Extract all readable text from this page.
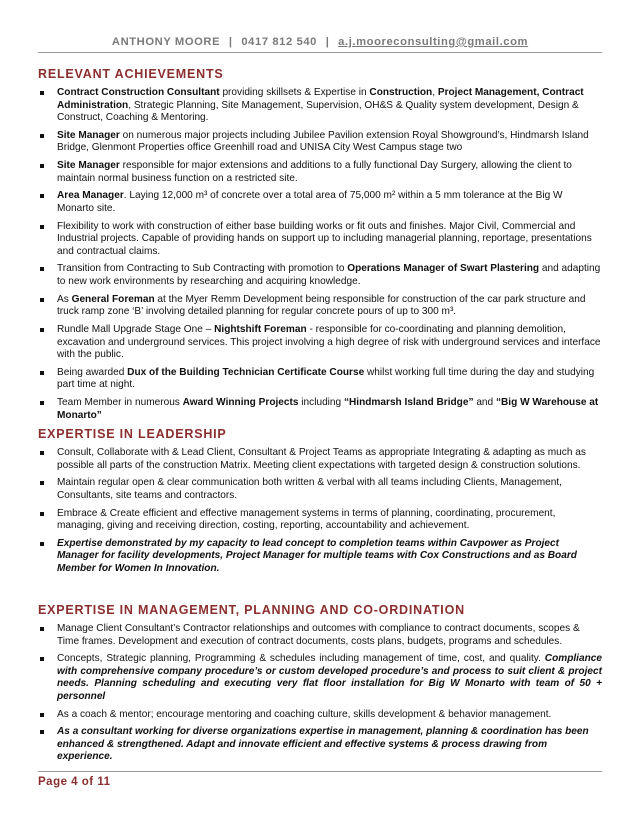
ANTHONY MOORE | 0417 812 540 | a.j.mooreconsulting@gmail.com
RELEVANT ACHIEVEMENTS
Contract Construction Consultant providing skillsets & Expertise in Construction, Project Management, Contract Administration, Strategic Planning, Site Management, Supervision, OH&S & Quality system development, Design & Construct, Coaching & Mentoring.
Site Manager on numerous major projects including Jubilee Pavilion extension Royal Showground’s, Hindmarsh Island Bridge, Glenmont Properties office Greenhill road and UNISA City West Campus stage two
Site Manager responsible for major extensions and additions to a fully functional Day Surgery, allowing the client to maintain normal business function on a restricted site.
Area Manager. Laying 12,000 m³ of concrete over a total area of 75,000 m² within a 5 mm tolerance at the Big W Monarto site.
Flexibility to work with construction of either base building works or fit outs and finishes. Major Civil, Commercial and Industrial projects. Capable of providing hands on support up to including managerial planning, reportage, presentations and contractual claims.
Transition from Contracting to Sub Contracting with promotion to Operations Manager of Swart Plastering and adapting to new work environments by researching and acquiring knowledge.
As General Foreman at the Myer Remm Development being responsible for construction of the car park structure and truck ramp zone ‘B’ involving detailed planning for regular concrete pours of up to 300 m³.
Rundle Mall Upgrade Stage One – Nightshift Foreman - responsible for co-coordinating and planning demolition, excavation and underground services. This project involving a high degree of risk with underground services and interface with the public.
Being awarded Dux of the Building Technician Certificate Course whilst working full time during the day and studying part time at night.
Team Member in numerous Award Winning Projects including “Hindmarsh Island Bridge” and “Big W Warehouse at Monarto”
EXPERTISE IN LEADERSHIP
Consult, Collaborate with & Lead Client, Consultant & Project Teams as appropriate Integrating & adapting as much as possible all parts of the construction Matrix. Meeting client expectations with targeted design & construction solutions.
Maintain regular open & clear communication both written & verbal with all teams including Clients, Management, Consultants, site teams and contractors.
Embrace & Create efficient and effective management systems in terms of planning, coordinating, procurement, managing, giving and receiving direction, costing, reporting, accountability and achievement.
Expertise demonstrated by my capacity to lead concept to completion teams within Cavpower as Project Manager for facility developments, Project Manager for multiple teams with Cox Constructions and as Board Member for Women In Innovation.
EXPERTISE IN MANAGEMENT, PLANNING AND CO-ORDINATION
Manage Client Consultant’s Contractor relationships and outcomes with compliance to contract documents, scopes & Time frames. Development and execution of contract documents, costs plans, budgets, programs and schedules.
Concepts, Strategic planning, Programming & schedules including management of time, cost, and quality. Compliance with comprehensive company procedure’s or custom developed procedure’s and process to suit client & project needs. Planning scheduling and executing very flat floor installation for Big W Monarto with team of 50 + personnel
As a coach & mentor; encourage mentoring and coaching culture, skills development & behavior management.
As a consultant working for diverse organizations expertise in management, planning & coordination has been enhanced & strengthened. Adapt and innovate efficient and effective systems & process drawing from experience.
Page 4 of 11
